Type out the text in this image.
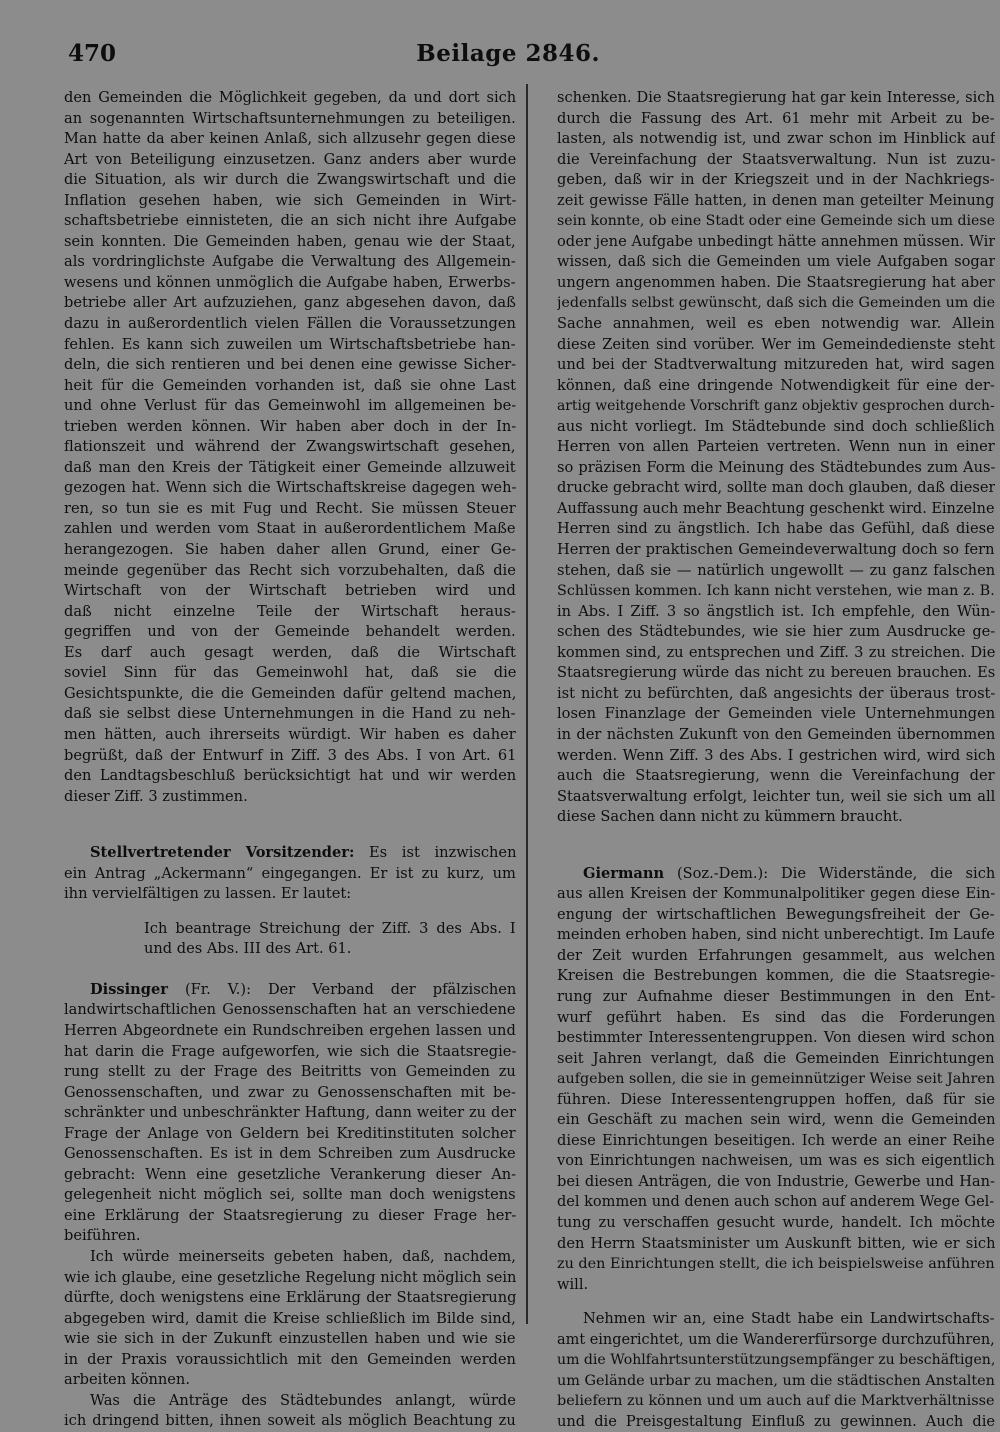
470	Beilage 2846.
den Gemeinden die Möglichkeit gegeben, da und dort sich
an sogenannten Wirtschaftsunternehmungen zu beteiligen.
Man hatte da aber keinen Anlaß, sich allzusehr gegen diese
Art von Beteiligung einzusetzen. Ganz anders aber wurde
die Situation, als wir durch die Zwangswirtschaft und die
Inflation gesehen haben, wie sich Gemeinden in Wirt-
schaftsbetriebe einnisteten, die an sich nicht ihre Aufgabe
sein konnten. Die Gemeinden haben, genau wie der Staat,
als vordringlichste Aufgabe die Verwaltung des Allgemein-
wesens und können unmöglich die Aufgabe haben, Erwerbs-
betriebe aller Art aufzuziehen, ganz abgesehen davon, daß
dazu in außerordentlich vielen Fällen die Voraussetzungen
fehlen. Es kann sich zuweilen um Wirtschaftsbetriebe han-
deln, die sich rentieren und bei denen eine gewisse Sicher-
heit für die Gemeinden vorhanden ist, daß sie ohne Last
und ohne Verlust für das Gemeinwohl im allgemeinen be-
trieben werden können. Wir haben aber doch in der In-
flationszeit und während der Zwangswirtschaft gesehen,
daß man den Kreis der Tätigkeit einer Gemeinde allzuweit
gezogen hat. Wenn sich die Wirtschaftskreise dagegen weh-
ren, so tun sie es mit Fug und Recht. Sie müssen Steuer
zahlen und werden vom Staat in außerordentlichem Maße
herangezogen. Sie haben daher allen Grund, einer Ge-
meinde gegenüber das Recht sich vorzubehalten, daß die
Wirtschaft von der Wirtschaft betrieben wird und
daß nicht einzelne Teile der Wirtschaft heraus-
gegriffen und von der Gemeinde behandelt werden.
Es darf auch gesagt werden, daß die Wirtschaft
soviel Sinn für das Gemeinwohl hat, daß sie die
Gesichtspunkte, die die Gemeinden dafür geltend machen,
daß sie selbst diese Unternehmungen in die Hand zu neh-
men hätten, auch ihrerseits würdigt. Wir haben es daher
begrüßt, daß der Entwurf in Ziff. 3 des Abs. I von Art. 61
den Landtagsbeschluß berücksichtigt hat und wir werden
dieser Ziff. 3 zustimmen.
Stellvertretender Vorsitzender: Es ist inzwischen
ein Antrag „Ackermann“ eingegangen. Er ist zu kurz, um
ihn vervielfältigen zu lassen. Er lautet:
Ich beantrage Streichung der Ziff. 3 des Abs. I
und des Abs. III des Art. 61.
Dissinger (Fr. V.): Der Verband der pfälzischen
landwirtschaftlichen Genossenschaften hat an verschiedene
Herren Abgeordnete ein Rundschreiben ergehen lassen und
hat darin die Frage aufgeworfen, wie sich die Staatsregie-
rung stellt zu der Frage des Beitritts von Gemeinden zu
Genossenschaften, und zwar zu Genossenschaften mit be-
schränkter und unbeschränkter Haftung, dann weiter zu der
Frage der Anlage von Geldern bei Kreditinstituten solcher
Genossenschaften. Es ist in dem Schreiben zum Ausdrucke
gebracht: Wenn eine gesetzliche Verankerung dieser An-
gelegenheit nicht möglich sei, sollte man doch wenigstens
eine Erklärung der Staatsregierung zu dieser Frage her-
beiführen.
Ich würde meinerseits gebeten haben, daß, nachdem,
wie ich glaube, eine gesetzliche Regelung nicht möglich sein
dürfte, doch wenigstens eine Erklärung der Staatsregierung
abgegeben wird, damit die Kreise schließlich im Bilde sind,
wie sie sich in der Zukunft einzustellen haben und wie sie
in der Praxis voraussichtlich mit den Gemeinden werden
arbeiten können.
Was die Anträge des Städtebundes anlangt, würde
ich dringend bitten, ihnen soweit als möglich Beachtung zu
schenken. Die Staatsregierung hat gar kein Interesse, sich
durch die Fassung des Art. 61 mehr mit Arbeit zu be-
lasten, als notwendig ist, und zwar schon im Hinblick auf
die Vereinfachung der Staatsverwaltung. Nun ist zuzu-
geben, daß wir in der Kriegszeit und in der Nachkriegs-
zeit gewisse Fälle hatten, in denen man geteilter Meinung
sein konnte, ob eine Stadt oder eine Gemeinde sich um diese
oder jene Aufgabe unbedingt hätte annehmen müssen. Wir
wissen, daß sich die Gemeinden um viele Aufgaben sogar
ungern angenommen haben. Die Staatsregierung hat aber
jedenfalls selbst gewünscht, daß sich die Gemeinden um die
Sache annahmen, weil es eben notwendig war. Allein
diese Zeiten sind vorüber. Wer im Gemeindedienste steht
und bei der Stadtverwaltung mitzureden hat, wird sagen
können, daß eine dringende Notwendigkeit für eine der-
artig weitgehende Vorschrift ganz objektiv gesprochen durch-
aus nicht vorliegt. Im Städtebunde sind doch schließlich
Herren von allen Parteien vertreten. Wenn nun in einer
so präzisen Form die Meinung des Städtebundes zum Aus-
drucke gebracht wird, sollte man doch glauben, daß dieser
Auffassung auch mehr Beachtung geschenkt wird. Einzelne
Herren sind zu ängstlich. Ich habe das Gefühl, daß diese
Herren der praktischen Gemeindeverwaltung doch so fern
stehen, daß sie — natürlich ungewollt — zu ganz falschen
Schlüssen kommen. Ich kann nicht verstehen, wie man z. B.
in Abs. I Ziff. 3 so ängstlich ist. Ich empfehle, den Wün-
schen des Städtebundes, wie sie hier zum Ausdrucke ge-
kommen sind, zu entsprechen und Ziff. 3 zu streichen. Die
Staatsregierung würde das nicht zu bereuen brauchen. Es
ist nicht zu befürchten, daß angesichts der überaus trost-
losen Finanzlage der Gemeinden viele Unternehmungen
in der nächsten Zukunft von den Gemeinden übernommen
werden. Wenn Ziff. 3 des Abs. I gestrichen wird, wird sich
auch die Staatsregierung, wenn die Vereinfachung der
Staatsverwaltung erfolgt, leichter tun, weil sie sich um all
diese Sachen dann nicht zu kümmern braucht.
Giermann (Soz.-Dem.): Die Widerstände, die sich
aus allen Kreisen der Kommunalpolitiker gegen diese Ein-
engung der wirtschaftlichen Bewegungsfreiheit der Ge-
meinden erhoben haben, sind nicht unberechtigt. Im Laufe
der Zeit wurden Erfahrungen gesammelt, aus welchen
Kreisen die Bestrebungen kommen, die die Staatsregie-
rung zur Aufnahme dieser Bestimmungen in den Ent-
wurf geführt haben. Es sind das die Forderungen
bestimmter Interessentengruppen. Von diesen wird schon
seit Jahren verlangt, daß die Gemeinden Einrichtungen
aufgeben sollen, die sie in gemeinnütziger Weise seit Jahren
führen. Diese Interessentengruppen hoffen, daß für sie
ein Geschäft zu machen sein wird, wenn die Gemeinden
diese Einrichtungen beseitigen. Ich werde an einer Reihe
von Einrichtungen nachweisen, um was es sich eigentlich
bei diesen Anträgen, die von Industrie, Gewerbe und Han-
del kommen und denen auch schon auf anderem Wege Gel-
tung zu verschaffen gesucht wurde, handelt. Ich möchte
den Herrn Staatsminister um Auskunft bitten, wie er sich
zu den Einrichtungen stellt, die ich beispielsweise anführen
will.
Nehmen wir an, eine Stadt habe ein Landwirtschafts-
amt eingerichtet, um die Wandererfürsorge durchzuführen,
um die Wohlfahrtsunterstützungsempfänger zu beschäftigen,
um Gelände urbar zu machen, um die städtischen Anstalten
beliefern zu können und um auch auf die Marktverhältnisse
und die Preisgestaltung Einfluß zu gewinnen. Auch die
